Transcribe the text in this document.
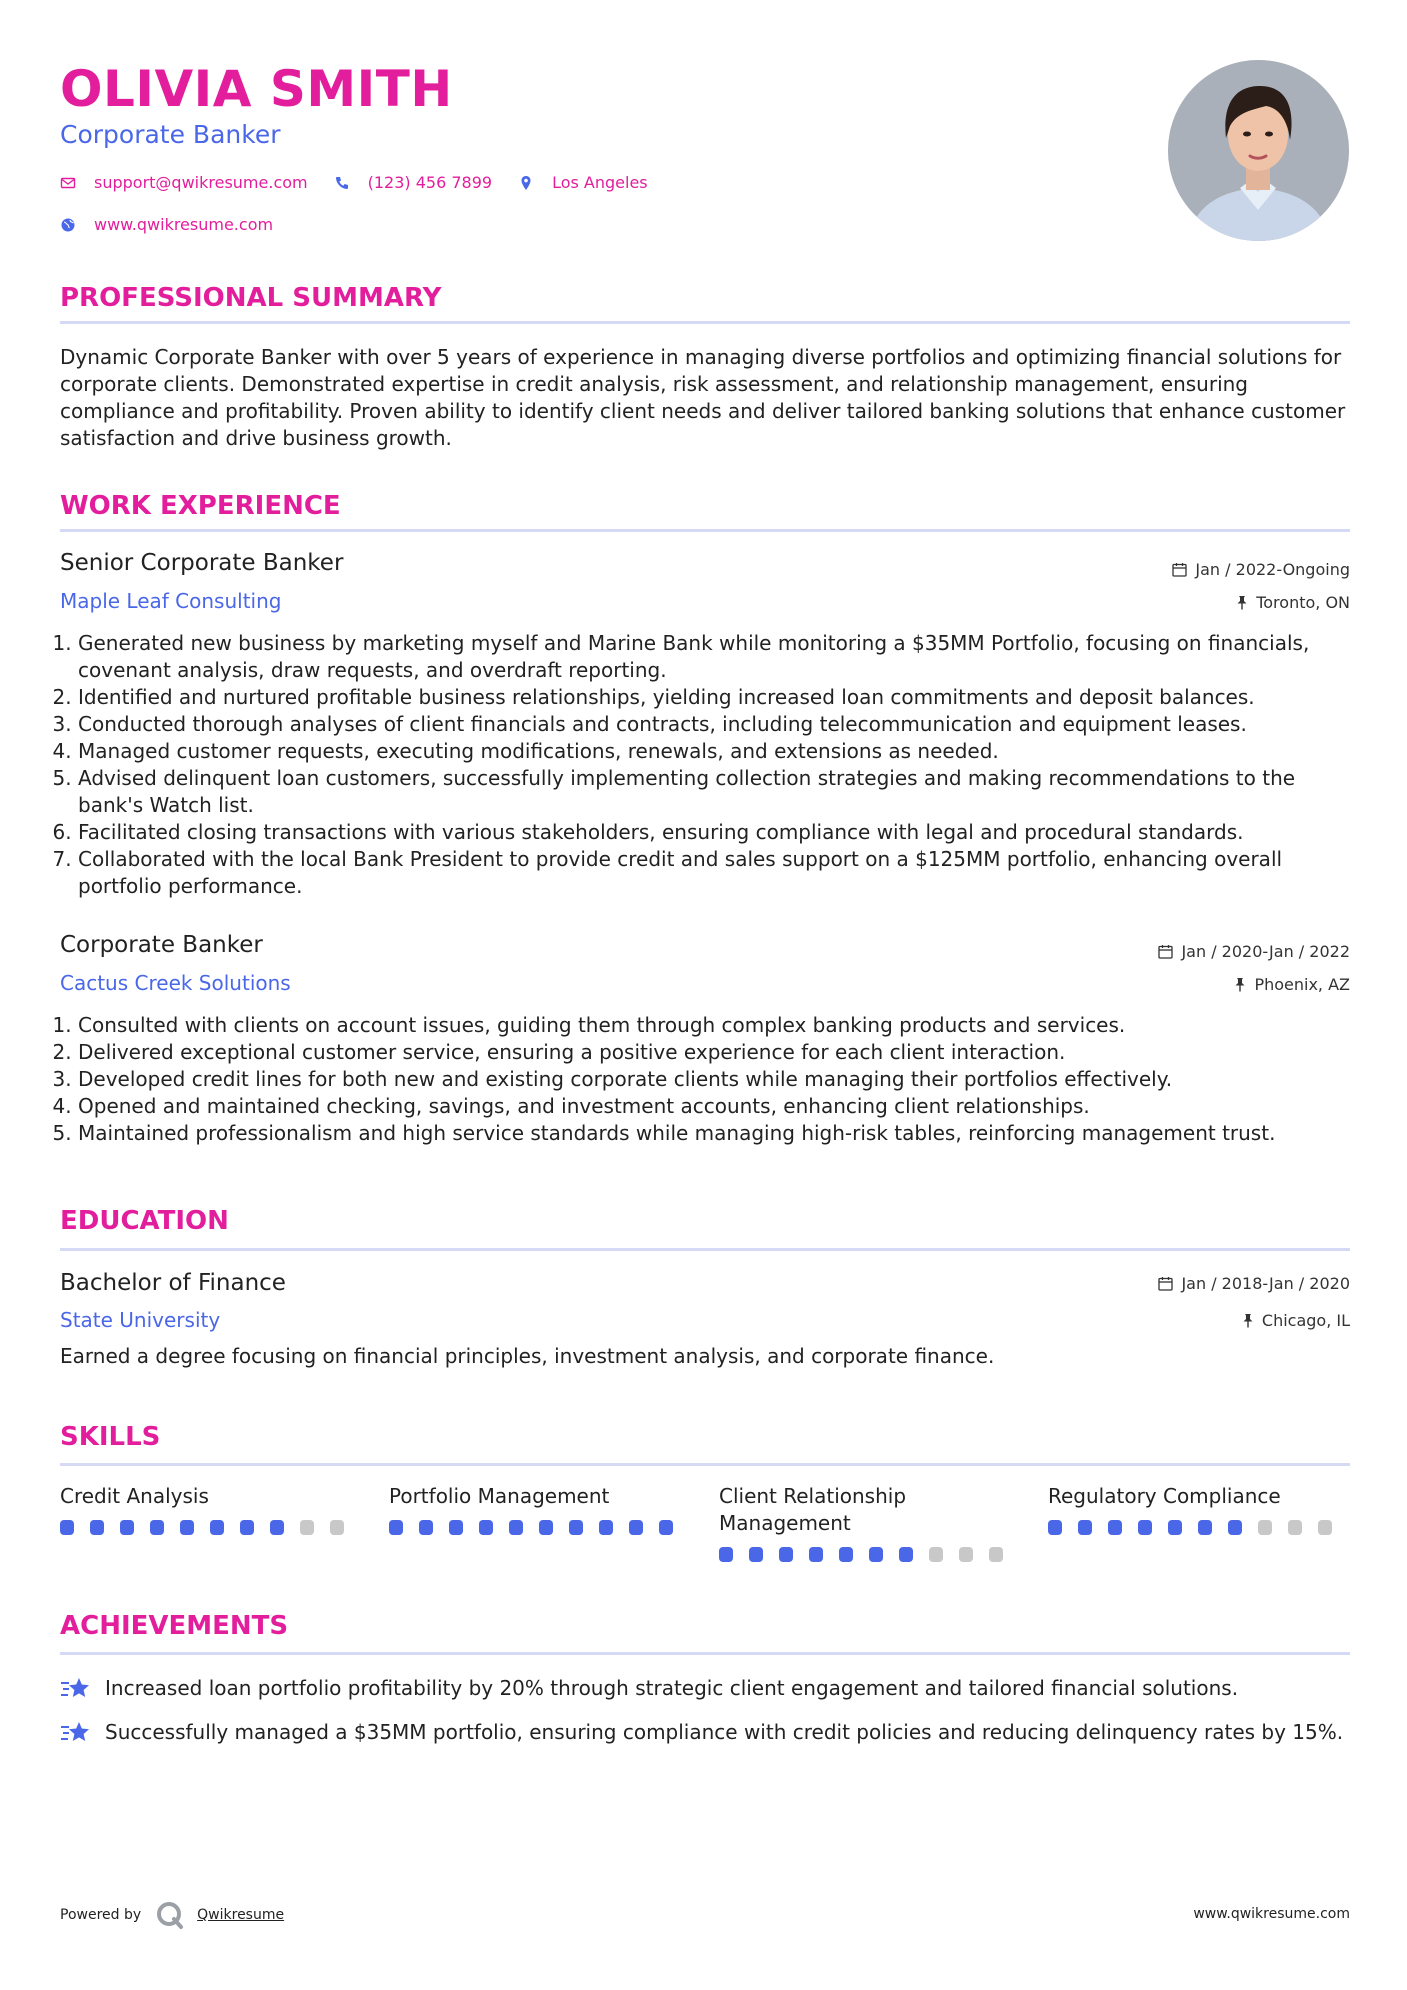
OLIVIA SMITH
Corporate Banker
support@qwikresume.com	(123) 456 7899	Los Angeles
www.qwikresume.com
PROFESSIONAL SUMMARY
Dynamic Corporate Banker with over 5 years of experience in managing diverse portfolios and optimizing financial solutions for corporate clients. Demonstrated expertise in credit analysis, risk assessment, and relationship management, ensuring compliance and profitability. Proven ability to identify client needs and deliver tailored banking solutions that enhance customer satisfaction and drive business growth.
WORK EXPERIENCE
Senior Corporate Banker	Jan / 2022-Ongoing
Maple Leaf Consulting	Toronto, ON
1. Generated new business by marketing myself and Marine Bank while monitoring a $35MM Portfolio, focusing on financials, covenant analysis, draw requests, and overdraft reporting.
2. Identified and nurtured profitable business relationships, yielding increased loan commitments and deposit balances.
3. Conducted thorough analyses of client financials and contracts, including telecommunication and equipment leases.
4. Managed customer requests, executing modifications, renewals, and extensions as needed.
5. Advised delinquent loan customers, successfully implementing collection strategies and making recommendations to the bank's Watch list.
6. Facilitated closing transactions with various stakeholders, ensuring compliance with legal and procedural standards.
7. Collaborated with the local Bank President to provide credit and sales support on a $125MM portfolio, enhancing overall portfolio performance.
Corporate Banker	Jan / 2020-Jan / 2022
Cactus Creek Solutions	Phoenix, AZ
1. Consulted with clients on account issues, guiding them through complex banking products and services.
2. Delivered exceptional customer service, ensuring a positive experience for each client interaction.
3. Developed credit lines for both new and existing corporate clients while managing their portfolios effectively.
4. Opened and maintained checking, savings, and investment accounts, enhancing client relationships.
5. Maintained professionalism and high service standards while managing high-risk tables, reinforcing management trust.
EDUCATION
Bachelor of Finance	Jan / 2018-Jan / 2020
State University	Chicago, IL
Earned a degree focusing on financial principles, investment analysis, and corporate finance.
SKILLS
Credit Analysis	Portfolio Management	Client Relationship Management
Regulatory Compliance
ACHIEVEMENTS
Increased loan portfolio profitability by 20% through strategic client engagement and tailored financial solutions.
Successfully managed a $35MM portfolio, ensuring compliance with credit policies and reducing delinquency rates by 15%.
Powered by	Qwikresume	www.qwikresume.com
